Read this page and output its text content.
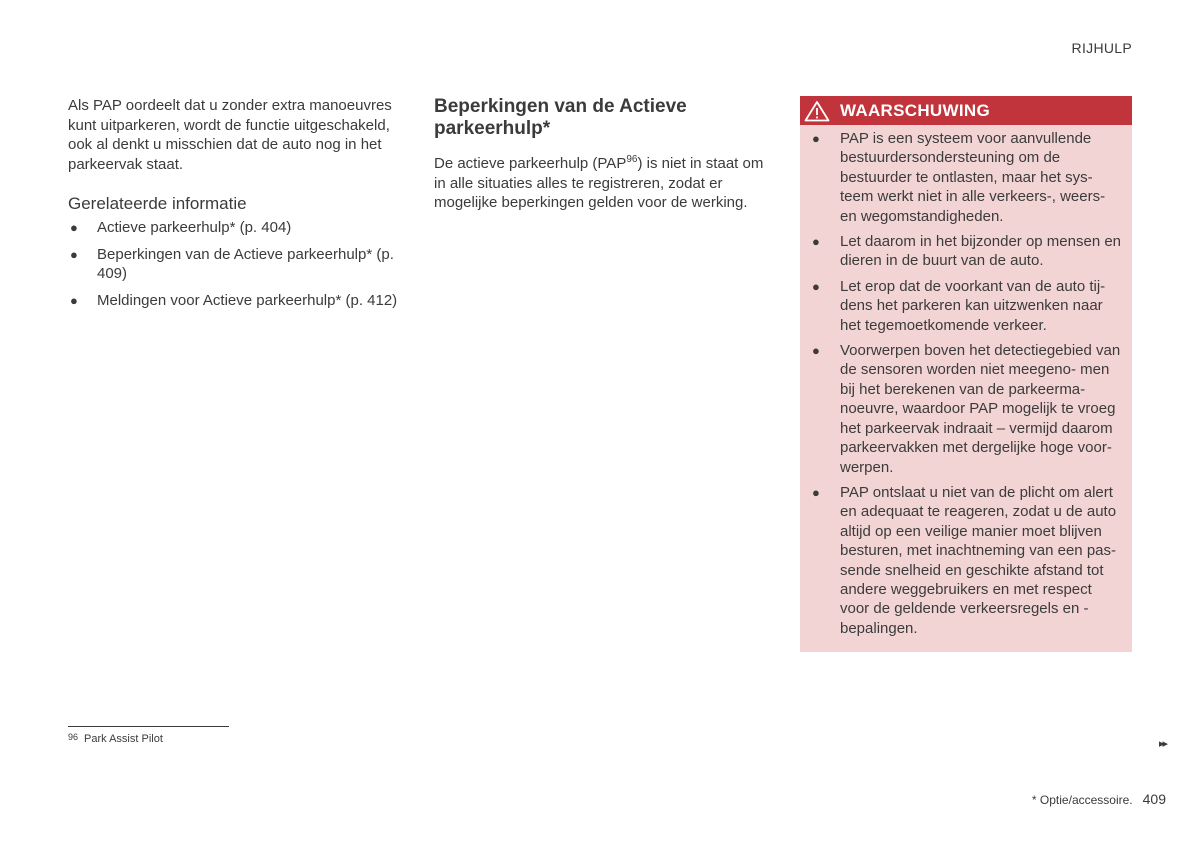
RIJHULP

Als PAP oordeelt dat u zonder extra manoeuvres kunt uitparkeren, wordt de functie uitgeschakeld, ook al denkt u misschien dat de auto nog in het parkeervak staat.

Gerelateerde informatie
● Actieve parkeerhulp* (p. 404)
● Beperkingen van de Actieve parkeerhulp* (p. 409)
● Meldingen voor Actieve parkeerhulp* (p. 412)
Beperkingen van de Actieve parkeerhulp*

De actieve parkeerhulp (PAP$^{96}$) is niet in staat om in alle situaties alles te registreren, zodat er mogelijke beperkingen gelden voor de werking.

WAARSCHUWING
● PAP is een systeem voor aanvullende bestuurdersondersteuning om de bestuurder te ontlasten, maar het sys- teem werkt niet in alle verkeers-, weers- en wegomstandigheden.
● Let daarom in het bijzonder op mensen en dieren in de buurt van de auto.
● Let erop dat de voorkant van de auto tij- dens het parkeren kan uitzwenken naar het tegemoetkomende verkeer.
● Voorwerpen boven het detectiegebied van de sensoren worden niet meegeno- men bij het berekenen van de parkeerma- noeuvre, waardoor PAP mogelijk te vroeg het parkeervak indraait – vermijd daarom parkeervakken met dergelijke hoge voor- werpen.
● PAP ontslaat u niet van de plicht om alert en adequaat te reageren, zodat u de auto altijd op een veilige manier moet blijven besturen, met inachtneming van een pas- sende snelheid en geschikte afstand tot andere weggebruikers en met respect voor de geldende verkeersregels en - bepalingen.
$^{96}$ Park Assist Pilot	▸▸
* Optie/accessoire. 409
